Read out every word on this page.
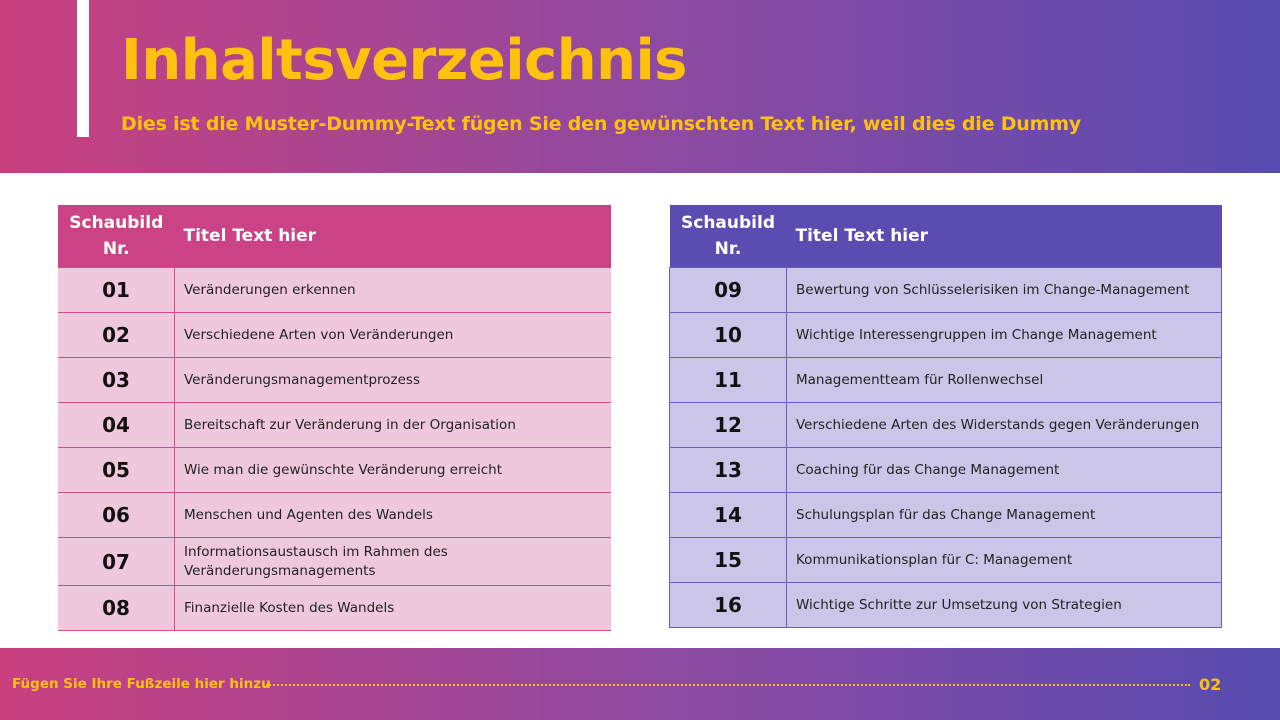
Inhaltsverzeichnis
Dies ist die Muster-Dummy-Text fügen Sie den gewünschten Text hier, weil dies die Dummy
Schaubild
Nr.	Titel Text hier
01	Veränderungen erkennen
02	Verschiedene Arten von Veränderungen
03	Veränderungsmanagementprozess
04	Bereitschaft zur Veränderung in der Organisation
05	Wie man die gewünschte Veränderung erreicht
06	Menschen und Agenten des Wandels
07	Informationsaustausch im Rahmen des
Veränderungsmanagements
08	Finanzielle Kosten des Wandels
Schaubild
Nr.	Titel Text hier
09	Bewertung von Schlüsselerisiken im Change-Management
10	Wichtige Interessengruppen im Change Management
11	Managementteam für Rollenwechsel
12	Verschiedene Arten des Widerstands gegen Veränderungen
13	Coaching für das Change Management
14	Schulungsplan für das Change Management
15	Kommunikationsplan für C: Management
16	Wichtige Schritte zur Umsetzung von Strategien
Fügen Sie Ihre Fußzeile hier hinzu	02
